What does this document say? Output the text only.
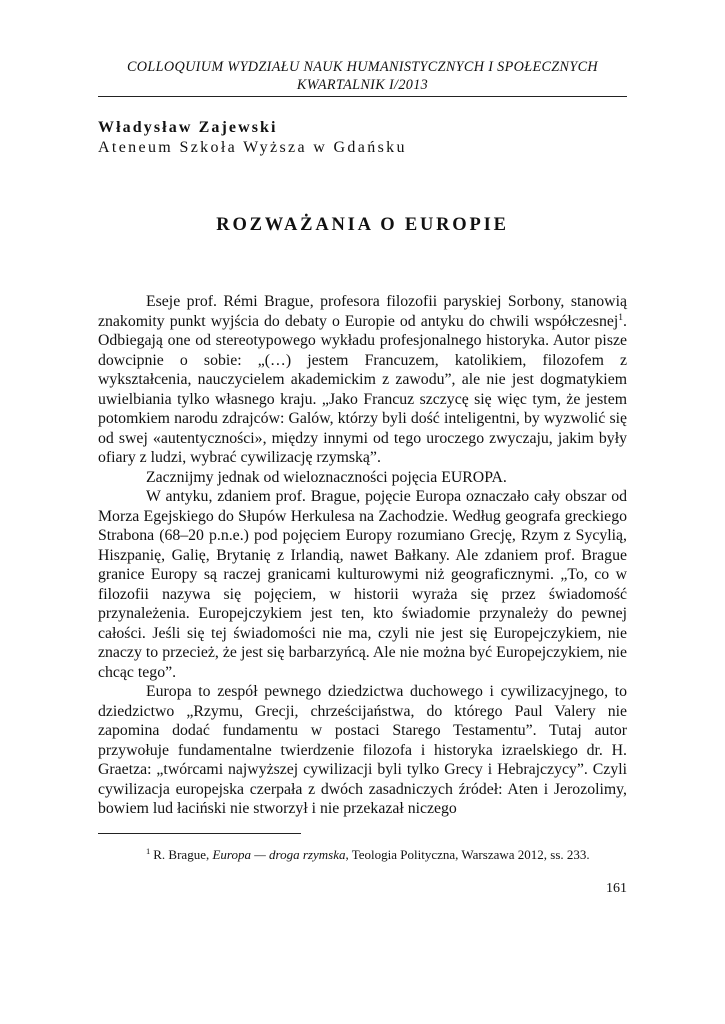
COLLOQUIUM WYDZIAŁU NAUK HUMANISTYCZNYCH I SPOŁECZNYCH
KWARTALNIK I/2013
Władysław Zajewski
Ateneum Szkoła Wyższa w Gdańsku
ROZWAŻANIA O EUROPIE

Eseje prof. Rémi Brague, profesora filozofii paryskiej Sorbony, stanowią znakomity punkt wyjścia do debaty o Europie od antyku do chwili współczesnej$^1$. Odbiegają one od stereotypowego wykładu profesjonalnego historyka. Autor pisze dowcipnie o sobie: „(…) jestem Francuzem, katolikiem, filozofem z wykształcenia, nauczycielem akademickim z zawodu”, ale nie jest dogmatykiem uwielbiania tylko własnego kraju. „Jako Francuz szczycę się więc tym, że jestem potomkiem narodu zdrajców: Galów, którzy byli dość inteligentni, by wyzwolić się od swej «autentyczności», między innymi od tego uroczego zwyczaju, jakim były ofiary z ludzi, wybrać cywilizację rzymską”.

Zacznijmy jednak od wieloznaczności pojęcia EUROPA.

W antyku, zdaniem prof. Brague, pojęcie Europa oznaczało cały obszar od Morza Egejskiego do Słupów Herkulesa na Zachodzie. Według geografa greckiego Strabona (68–20 p.n.e.) pod pojęciem Europy rozumiano Grecję, Rzym z Sycylią, Hiszpanię, Galię, Brytanię z Irlandią, nawet Bałkany. Ale zdaniem prof. Brague granice Europy są raczej granicami kulturowymi niż geograficznymi. „To, co w filozofii nazywa się pojęciem, w historii wyraża się przez świadomość przynależenia. Europejczykiem jest ten, kto świadomie przynależy do pewnej całości. Jeśli się tej świadomości nie ma, czyli nie jest się Europejczykiem, nie znaczy to przecież, że jest się barbarzyńcą. Ale nie można być Europejczykiem, nie chcąc tego”.

Europa to zespół pewnego dziedzictwa duchowego i cywilizacyjnego, to dziedzictwo „Rzymu, Grecji, chrześcijaństwa, do którego Paul Valery nie zapomina dodać fundamentu w postaci Starego Testamentu”. Tutaj autor przywołuje fundamentalne twierdzenie filozofa i historyka izraelskiego dr. H. Graetza: „twórcami najwyższej cywilizacji byli tylko Grecy i Hebrajczycy”. Czyli cywilizacja europejska czerpała z dwóch zasadniczych źródeł: Aten i Jerozolimy, bowiem lud łaciński nie stworzył i nie przekazał niczego

$^1$ R. Brague, Europa — droga rzymska, Teologia Polityczna, Warszawa 2012, ss. 233.
161
